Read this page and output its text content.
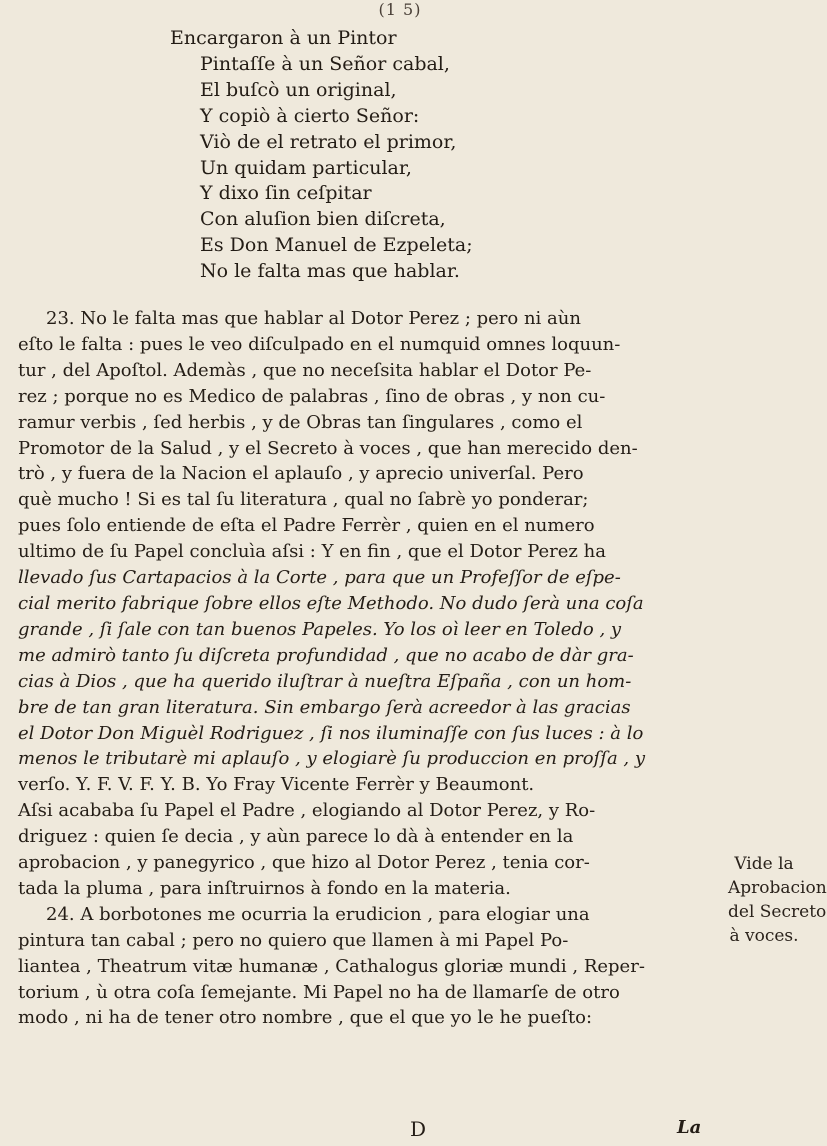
(1 5)
Encargaron à un Pintor
Pintaſſe à un Señor cabal,
El buſcò un original,
Y copiò à cierto Señor:
Viò de el retrato el primor,
Un quidam particular,
Y dixo ſin ceſpitar
Con aluſion bien diſcreta,
Es Don Manuel de Ezpeleta;
No le falta mas que hablar.
23. No le falta mas que hablar al Dotor Perez ; pero ni aùn
eſto le falta : pues le veo diſculpado en el numquid omnes loquun-
tur , del Apoſtol. Ademàs , que no neceſsita hablar el Dotor Pe-
rez ; porque no es Medico de palabras , ſino de obras , y non cu-
ramur verbis , ſed herbis , y de Obras tan ſingulares , como el
Promotor de la Salud , y el Secreto à voces , que han merecido den-
trò , y fuera de la Nacion el aplauſo , y aprecio univerſal. Pero
què mucho ! Si es tal ſu literatura , qual no ſabrè yo ponderar;
pues ſolo entiende de eſta el Padre Ferrèr , quien en el numero
ultimo de ſu Papel concluìa aſsi : Y en fin , que el Dotor Perez ha
llevado ſus Cartapacios à la Corte , para que un Profeſſor de eſpe-
cial merito fabrique ſobre ellos eſte Methodo. No dudo ſerà una coſa
grande , ſi ſale con tan buenos Papeles. Yo los oì leer en Toledo , y
me admirò tanto ſu diſcreta profundidad , que no acabo de dàr gra-
cias à Dios , que ha querido iluſtrar à nueſtra Eſpaña , con un hom-
bre de tan gran literatura. Sin embargo ſerà acreedor à las gracias
el Dotor Don Miguèl Rodriguez , ſi nos iluminaſſe con ſus luces : à lo
menos le tributarè mi aplauſo , y elogiarè ſu produccion en proſſa , y
verſo. Y. F. V. F. Y. B. Yo Fray Vicente Ferrèr y Beaumont.
Aſsi acababa ſu Papel el Padre , elogiando al Dotor Perez, y Ro-
driguez : quien ſe decia , y aùn parece lo dà à entender en la
aprobacion , y panegyrico , que hizo al Dotor Perez , tenia cor-
tada la pluma , para inſtruirnos à fondo en la materia.
24. A borbotones me ocurria la erudicion , para elogiar una
pintura tan cabal ; pero no quiero que llamen à mi Papel Po-
liantea , Theatrum vitæ humanæ , Cathalogus gloriæ mundi , Reper-
torium , ù otra coſa ſemejante. Mi Papel no ha de llamarſe de otro
modo , ni ha de tener otro nombre , que el que yo le he pueſto:
Vide la
Aprobacion
del Secreto
à voces.
D	La
